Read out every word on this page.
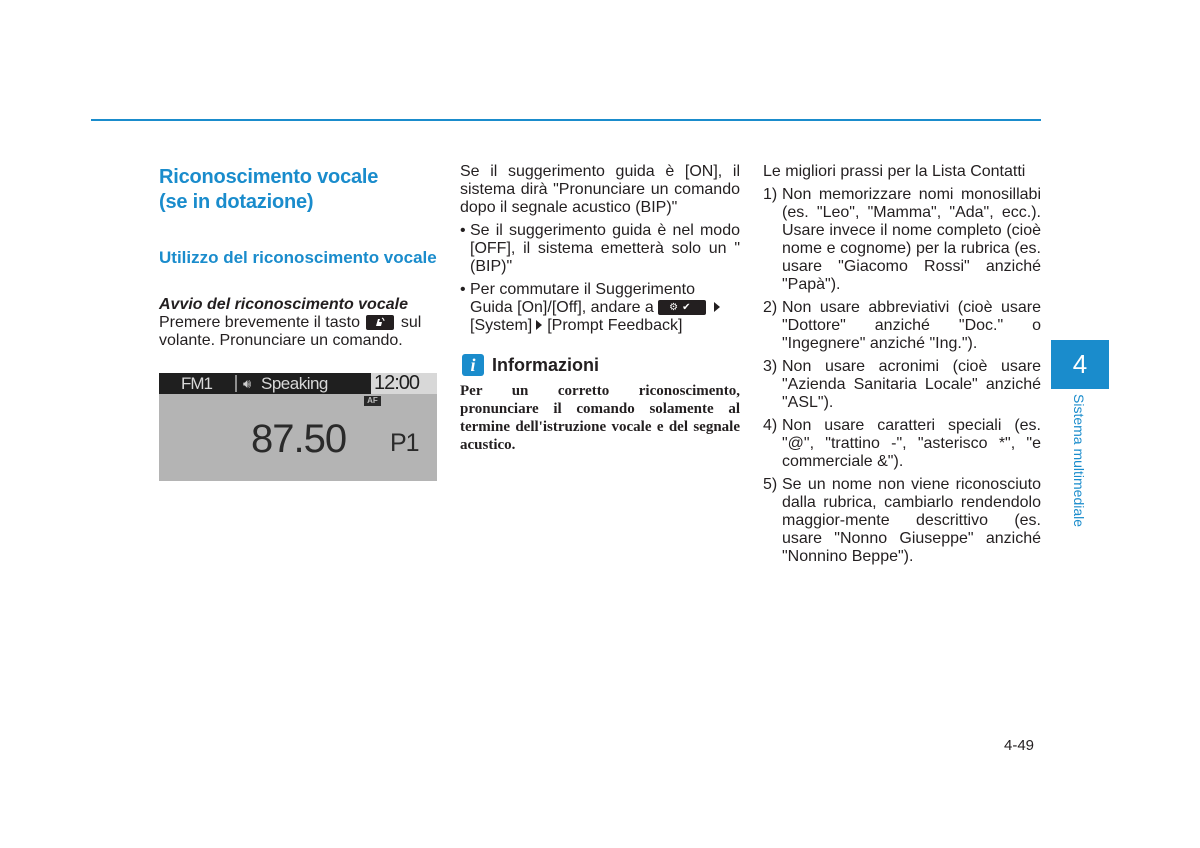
Riconoscimento vocale
(se in dotazione)
Utilizzo del riconoscimento vocale
Avvio del riconoscimento vocale

Premere brevemente il tasto	sul volante. Pronunciare un comando.

FM1 🔊︎ Speaking 12:00
AF
87.50 P1

Se il suggerimento guida è [ON], il sistema dirà "Pronunciare un comando dopo il segnale acustico (BIP)"

• Se il suggerimento guida è nel modo [OFF], il sistema emetterà solo un "(BIP)"
• Per commutare il Suggerimento Guida [On]/[Off], andare a ⚙✔[System] [Prompt Feedback]
i Informazioni

Per un corretto riconoscimento, pronunciare il comando solamente al termine dell'istruzione vocale e del segnale acustico.

Le migliori prassi per la Lista Contatti

1) Non memorizzare nomi monosillabi (es. "Leo", "Mamma", "Ada", ecc.). Usare invece il nome completo (cioè nome e cognome) per la rubrica (es. usare "Giacomo Rossi" anziché "Papà").
2) Non usare abbreviativi (cioè usare "Dottore" anziché "Doc." o "Ingegnere" anziché "Ing.").
3) Non usare acronimi (cioè usare "Azienda Sanitaria Locale" anziché "ASL").
4) Non usare caratteri speciali (es. "@", "trattino -", "asterisco *", "e commerciale &").
5) Se un nome non viene riconosciuto dalla rubrica, cambiarlo rendendolo maggior-mente descrittivo (es. usare "Nonno Giuseppe" anziché "Nonnino Beppe").
4
Sistema multimediale
4-49
